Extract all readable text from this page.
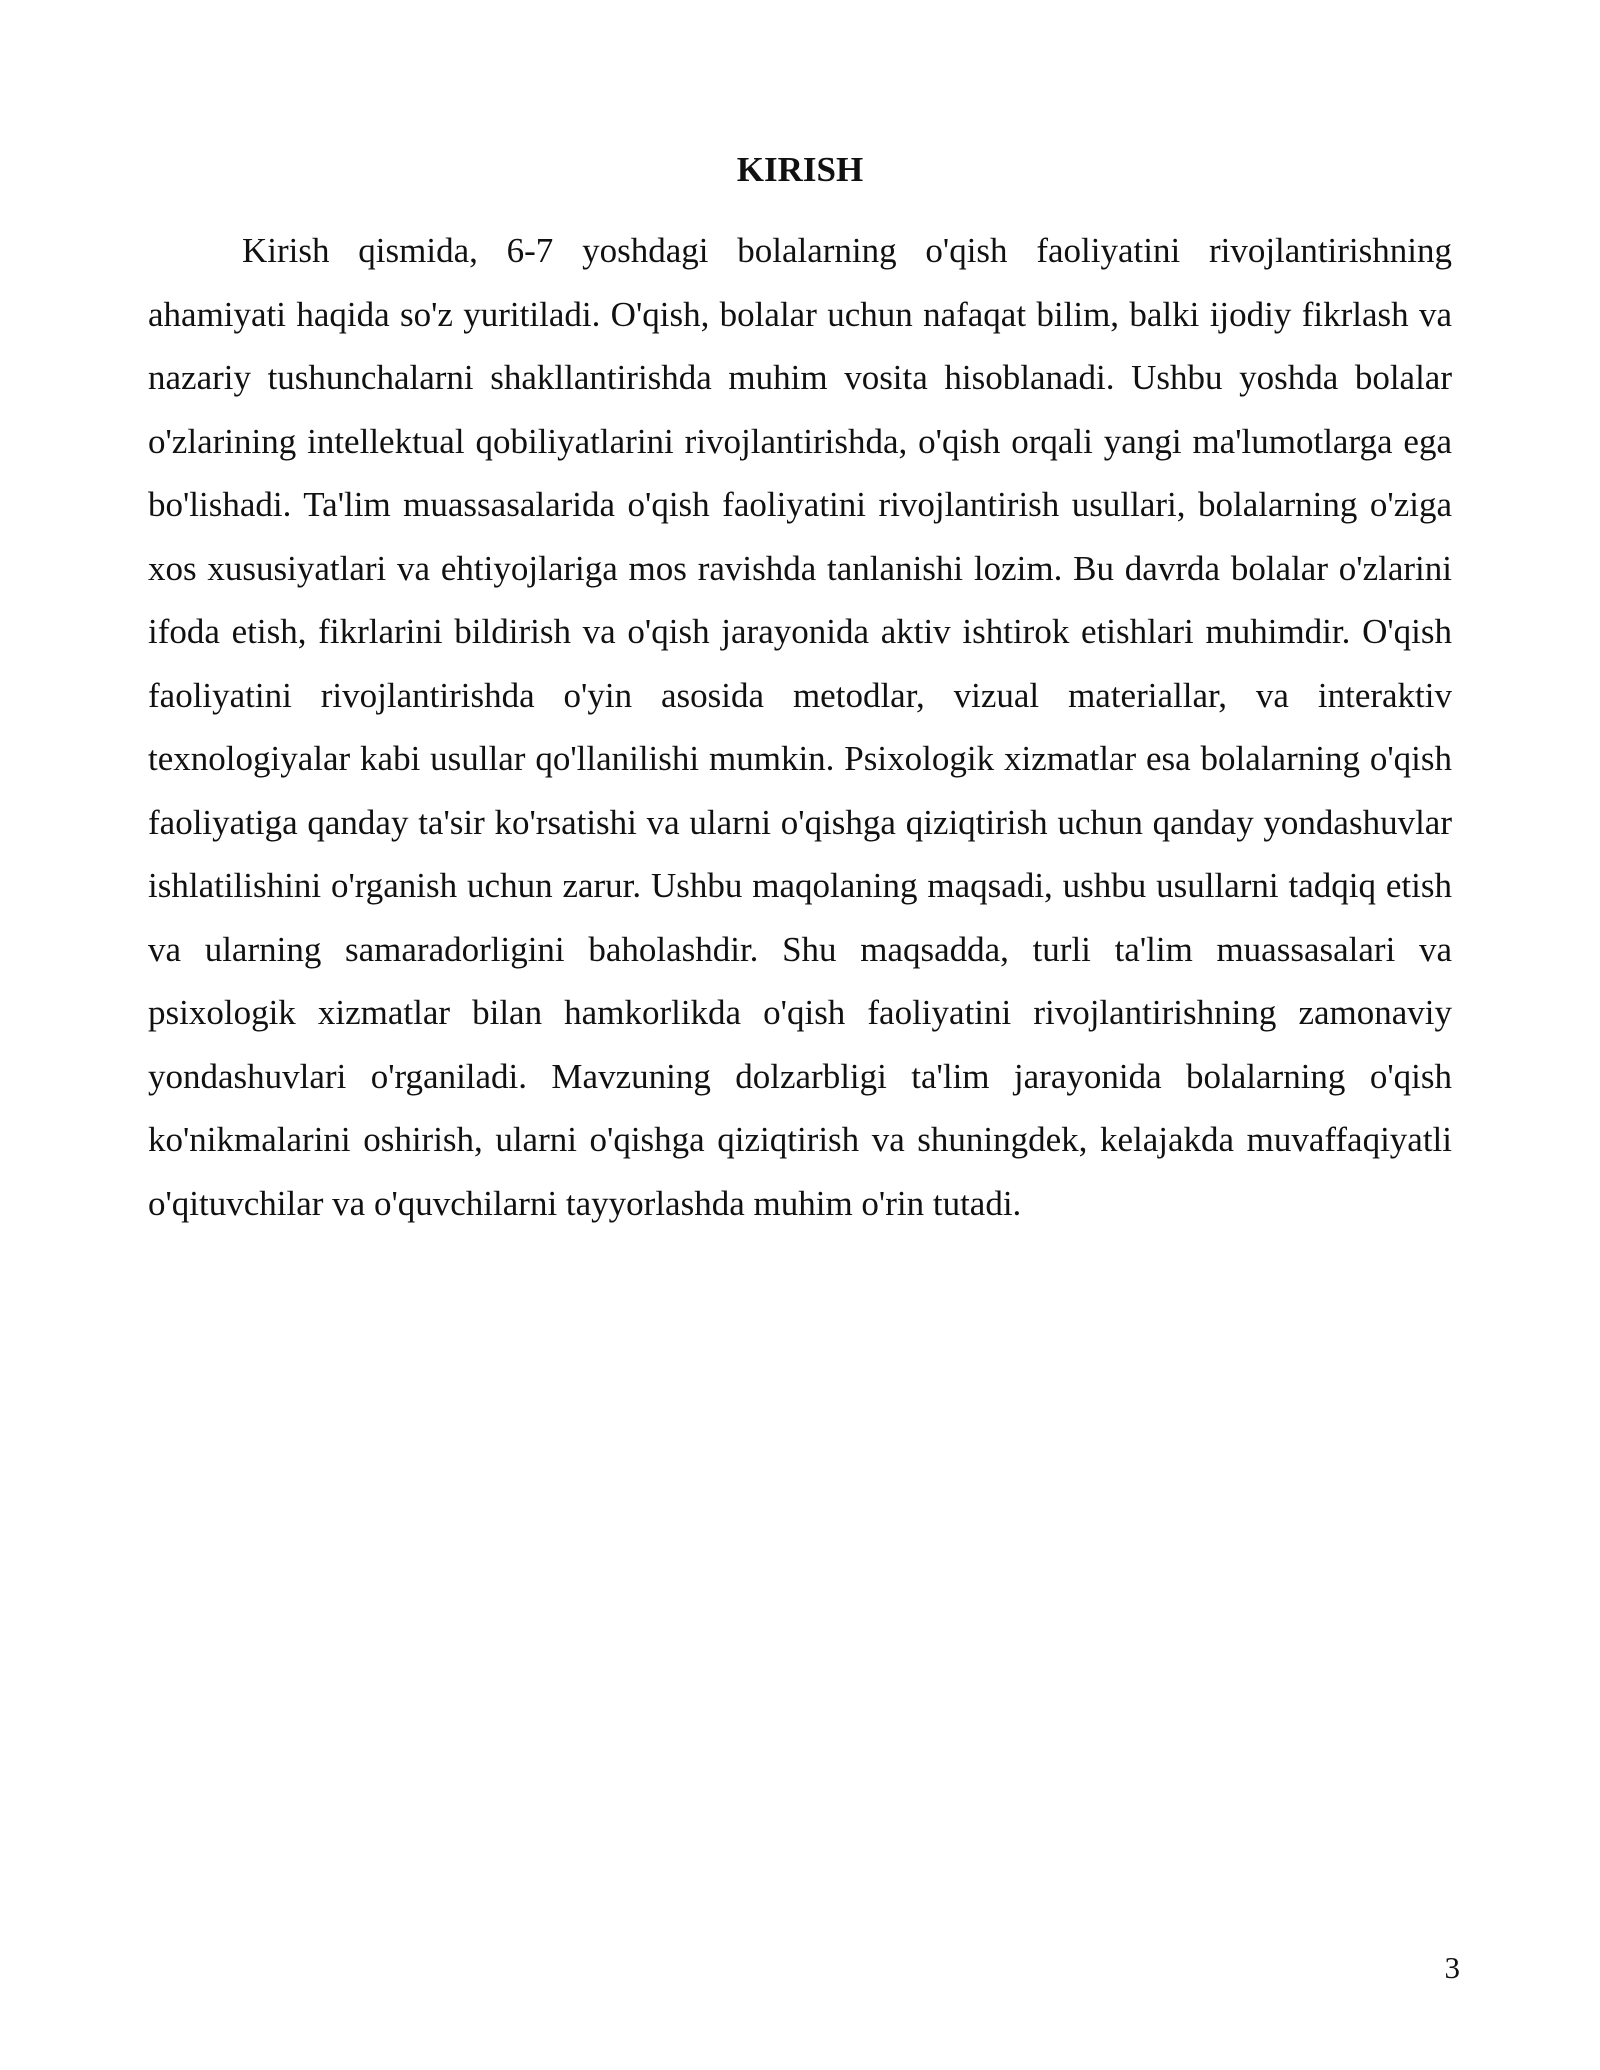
KIRISH

Kirish qismida, 6-7 yoshdagi bolalarning o'qish faoliyatini rivojlantirishning ahamiyati haqida so'z yuritiladi. O'qish, bolalar uchun nafaqat bilim, balki ijodiy fikrlash va nazariy tushunchalarni shakllantirishda muhim vosita hisoblanadi. Ushbu yoshda bolalar o'zlarining intellektual qobiliyatlarini rivojlantirishda, o'qish orqali yangi ma'lumotlarga ega bo'lishadi. Ta'lim muassasalarida o'qish faoliyatini rivojlantirish usullari, bolalarning o'ziga xos xususiyatlari va ehtiyojlariga mos ravishda tanlanishi lozim. Bu davrda bolalar o'zlarini ifoda etish, fikrlarini bildirish va o'qish jarayonida aktiv ishtirok etishlari muhimdir. O'qish faoliyatini rivojlantirishda o'yin asosida metodlar, vizual materiallar, va interaktiv texnologiyalar kabi usullar qo'llanilishi mumkin. Psixologik xizmatlar esa bolalarning o'qish faoliyatiga qanday ta'sir ko'rsatishi va ularni o'qishga qiziqtirish uchun qanday yondashuvlar ishlatilishini o'rganish uchun zarur. Ushbu maqolaning maqsadi, ushbu usullarni tadqiq etish va ularning samaradorligini baholashdir. Shu maqsadda, turli ta'lim muassasalari va psixologik xizmatlar bilan hamkorlikda o'qish faoliyatini rivojlantirishning zamonaviy yondashuvlari o'rganiladi. Mavzuning dolzarbligi ta'lim jarayonida bolalarning o'qish ko'nikmalarini oshirish, ularni o'qishga qiziqtirish va shuningdek, kelajakda muvaffaqiyatli o'qituvchilar va o'quvchilarni tayyorlashda muhim o'rin tutadi.

3
